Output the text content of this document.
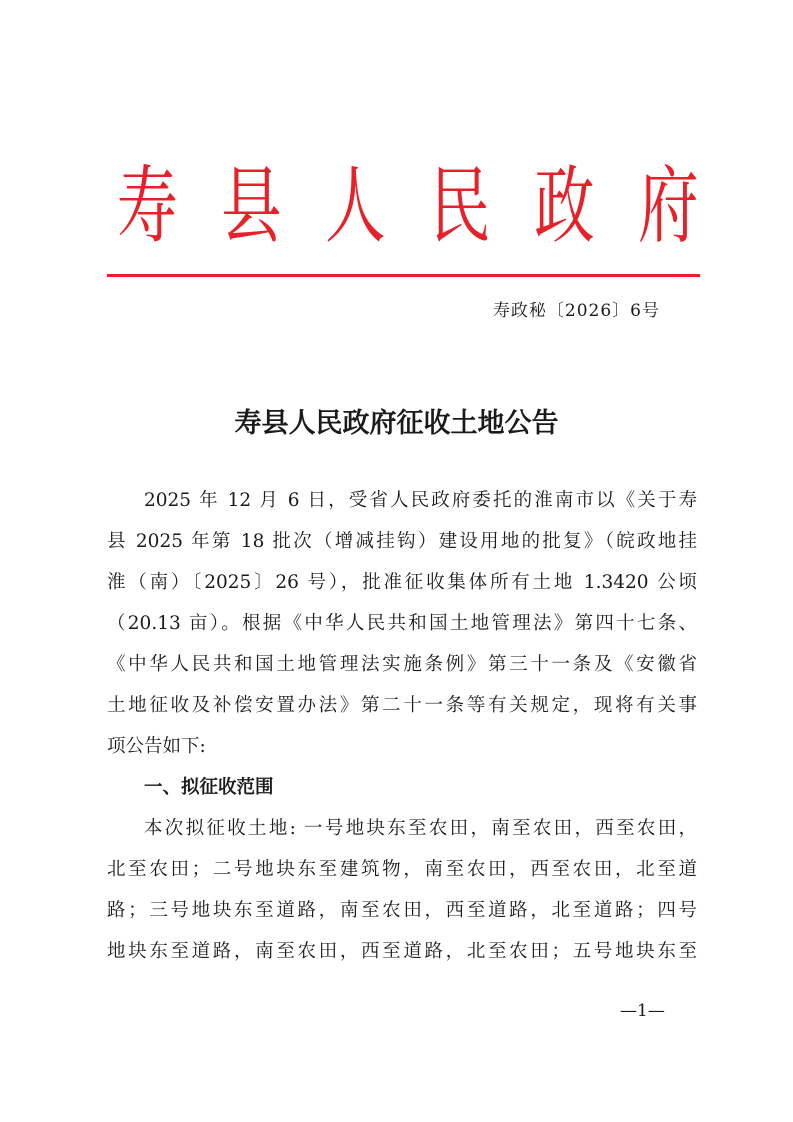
寿 县 人 民 政 府
寿政秘〔2026〕6号
寿县人民政府征收土地公告
2025 年 12 月 6 日，受省人民政府委托的淮南市以《关于寿
县 2025 年第 18 批次（增减挂钩）建设用地的批复》（皖政地挂
淮（南）〔2025〕26 号），批准征收集体所有土地 1.3420 公顷
（20.13 亩）。根据《中华人民共和国土地管理法》第四十七条、
《中华人民共和国土地管理法实施条例》第三十一条及《安徽省
土地征收及补偿安置办法》第二十一条等有关规定，现将有关事
项公告如下:
一、拟征收范围
本次拟征收土地: 一号地块东至农田，南至农田，西至农田，
北至农田；二号地块东至建筑物，南至农田，西至农田，北至道
路；三号地块东至道路，南至农田，西至道路，北至道路；四号
地块东至道路，南至农田，西至道路，北至农田；五号地块东至
—1—
